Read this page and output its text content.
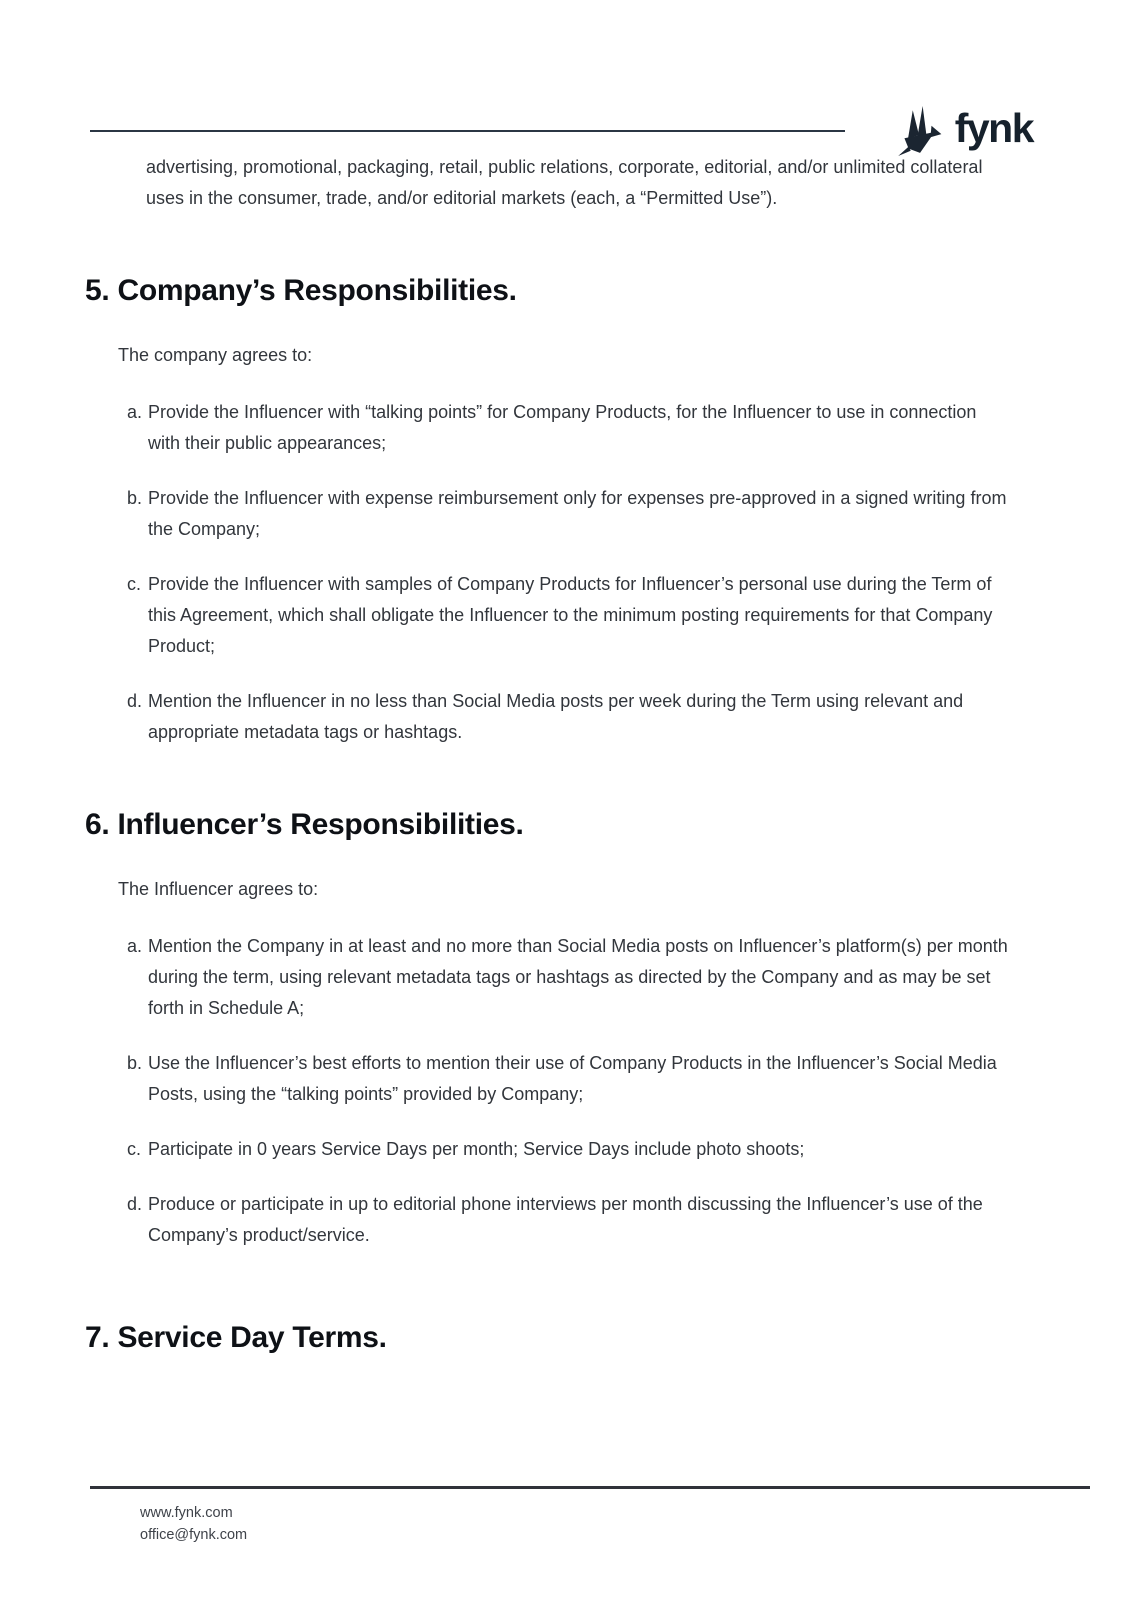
fynk

advertising, promotional, packaging, retail, public relations, corporate, editorial, and/or unlimited collateral uses in the consumer, trade, and/or editorial markets (each, a “Permitted Use”).

5. Company’s Responsibilities.

The company agrees to:

a. Provide the Influencer with “talking points” for Company Products, for the Influencer to use in connection with their public appearances;
b. Provide the Influencer with expense reimbursement only for expenses pre-approved in a signed writing from the Company;
c. Provide the Influencer with samples of Company Products for Influencer’s personal use during the Term of this Agreement, which shall obligate the Influencer to the minimum posting requirements for that Company Product;
d. Mention the Influencer in no less than Social Media posts per week during the Term using relevant and appropriate metadata tags or hashtags.
6. Influencer’s Responsibilities.

The Influencer agrees to:

a. Mention the Company in at least and no more than Social Media posts on Influencer’s platform(s) per month during the term, using relevant metadata tags or hashtags as directed by the Company and as may be set forth in Schedule A;
b. Use the Influencer’s best efforts to mention their use of Company Products in the Influencer’s Social Media Posts, using the “talking points” provided by Company;
c. Participate in 0 years Service Days per month; Service Days include photo shoots;
d. Produce or participate in up to editorial phone interviews per month discussing the Influencer’s use of the Company’s product/service.
7. Service Day Terms.
www.fynk.com
office@fynk.com
